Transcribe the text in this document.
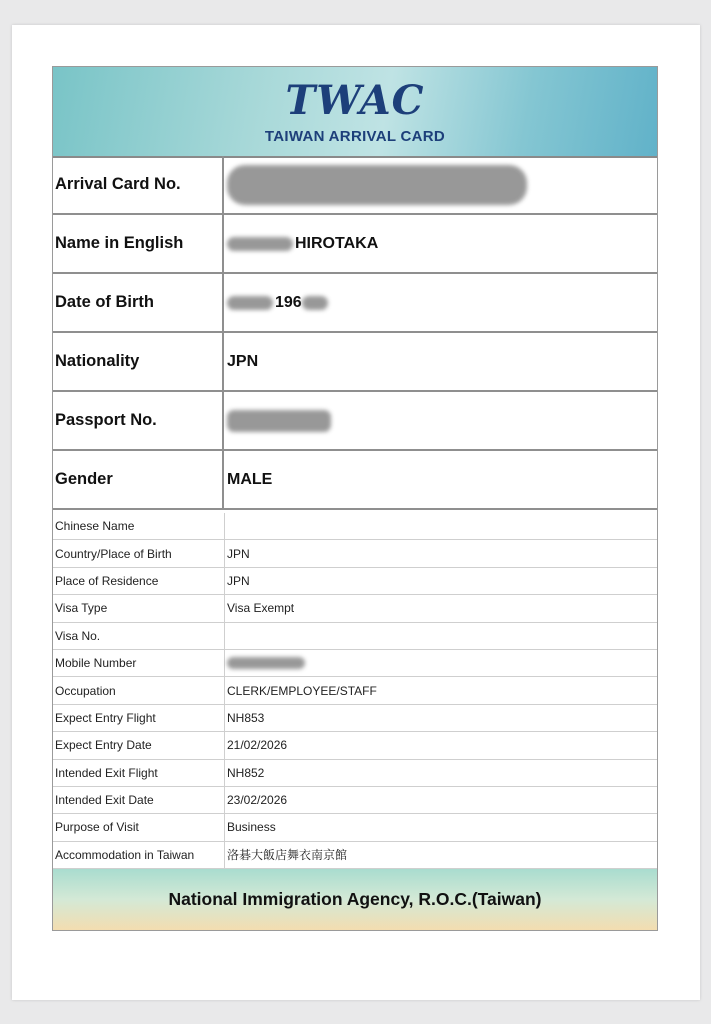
TWAC
TAIWAN ARRIVAL CARD
Arrival Card No.
Name in English	HIROTAKA
Date of Birth	196
Nationality	JPN
Passport No.
Gender	MALE
Chinese Name
Country/Place of Birth	JPN
Place of Residence	JPN
Visa Type	Visa Exempt
Visa No.
Mobile Number
Occupation	CLERK/EMPLOYEE/STAFF
Expect Entry Flight	NH853
Expect Entry Date	21/02/2026
Intended Exit Flight	NH852
Intended Exit Date	23/02/2026
Purpose of Visit	Business
Accommodation in Taiwan	洛碁大飯店舞衣南京館
National Immigration Agency, R.O.C.(Taiwan)
